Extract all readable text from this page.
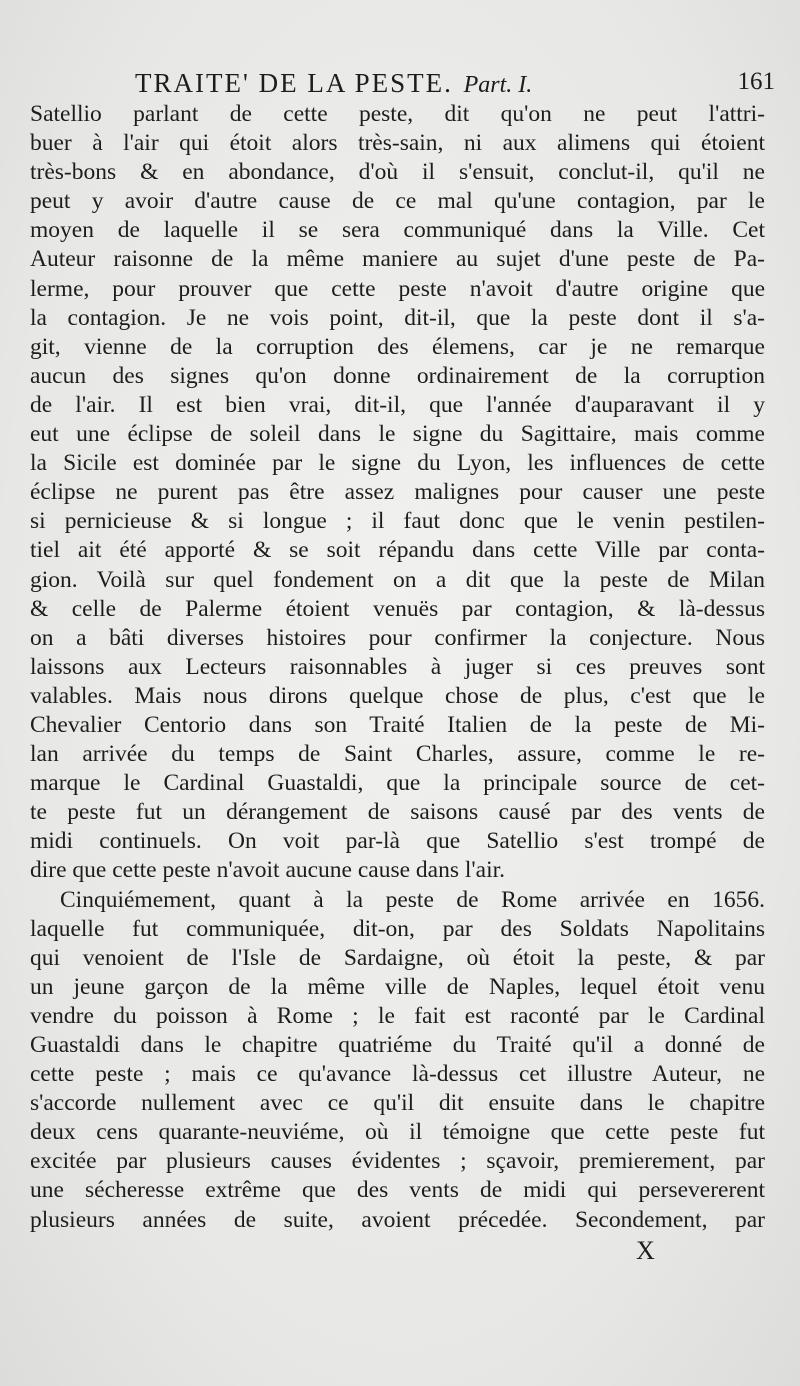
TRAITE' DE LA PESTE. Part. I.	161
Satellio parlant de cette peste, dit qu'on ne peut l'attri-
buer à l'air qui étoit alors très-sain, ni aux alimens qui étoient
très-bons & en abondance, d'où il s'ensuit, conclut-il, qu'il ne
peut y avoir d'autre cause de ce mal qu'une contagion, par le
moyen de laquelle il se sera communiqué dans la Ville. Cet
Auteur raisonne de la même maniere au sujet d'une peste de Pa-
lerme, pour prouver que cette peste n'avoit d'autre origine que
la contagion. Je ne vois point, dit-il, que la peste dont il s'a-
git, vienne de la corruption des élemens, car je ne remarque
aucun des signes qu'on donne ordinairement de la corruption
de l'air. Il est bien vrai, dit-il, que l'année d'auparavant il y
eut une éclipse de soleil dans le signe du Sagittaire, mais comme
la Sicile est dominée par le signe du Lyon, les influences de cette
éclipse ne purent pas être assez malignes pour causer une peste
si pernicieuse & si longue ; il faut donc que le venin pestilen-
tiel ait été apporté & se soit répandu dans cette Ville par conta-
gion. Voilà sur quel fondement on a dit que la peste de Milan
& celle de Palerme étoient venuës par contagion, & là-dessus
on a bâti diverses histoires pour confirmer la conjecture. Nous
laissons aux Lecteurs raisonnables à juger si ces preuves sont
valables. Mais nous dirons quelque chose de plus, c'est que le
Chevalier Centorio dans son Traité Italien de la peste de Mi-
lan arrivée du temps de Saint Charles, assure, comme le re-
marque le Cardinal Guastaldi, que la principale source de cet-
te peste fut un dérangement de saisons causé par des vents de
midi continuels. On voit par-là que Satellio s'est trompé de
dire que cette peste n'avoit aucune cause dans l'air.
Cinquiémement, quant à la peste de Rome arrivée en 1656.
laquelle fut communiquée, dit-on, par des Soldats Napolitains
qui venoient de l'Isle de Sardaigne, où étoit la peste, & par
un jeune garçon de la même ville de Naples, lequel étoit venu
vendre du poisson à Rome ; le fait est raconté par le Cardinal
Guastaldi dans le chapitre quatriéme du Traité qu'il a donné de
cette peste ; mais ce qu'avance là-dessus cet illustre Auteur, ne
s'accorde nullement avec ce qu'il dit ensuite dans le chapitre
deux cens quarante-neuviéme, où il témoigne que cette peste fut
excitée par plusieurs causes évidentes ; sçavoir, premierement, par
une sécheresse extrême que des vents de midi qui persevererent
plusieurs années de suite, avoient précedée. Secondement, par
X
